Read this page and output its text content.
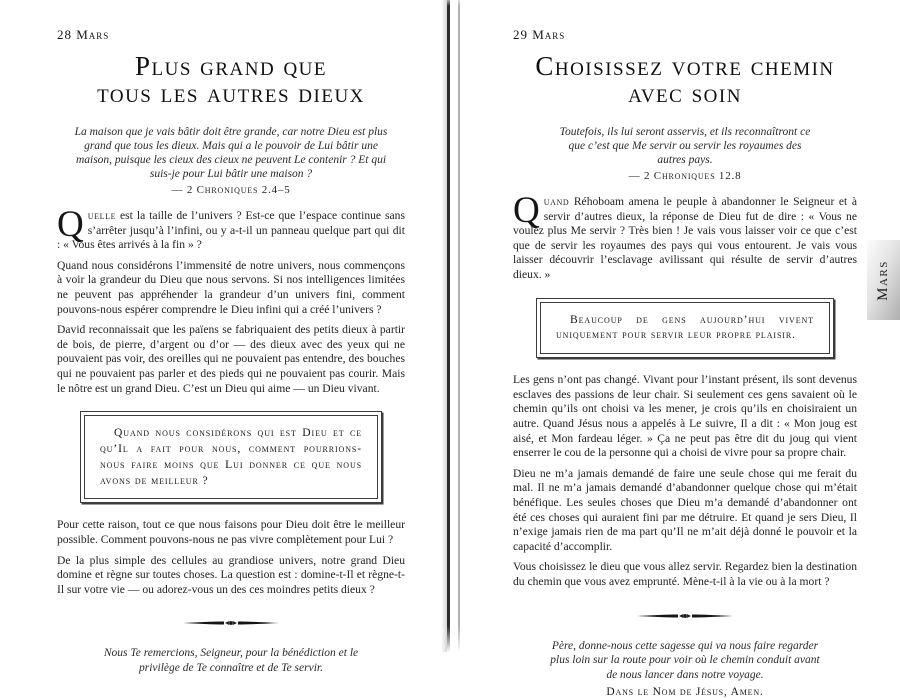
28 Mars
Plus grand que
tous les autres dieux
La maison que je vais bâtir doit être grande, car notre Dieu est plus grand que tous les dieux. Mais qui a le pouvoir de Lui bâtir une maison, puisque les cieux des cieux ne peuvent Le contenir ? Et qui suis-je pour Lui bâtir une maison ?
— 2 Chroniques 2.4–5

Quelle est la taille de l’univers ? Est-ce que l’espace continue sans s’arrêter jusqu’à l’infini, ou y a-t-il un panneau quelque part qui dit : « Vous êtes arrivés à la fin » ?

Quand nous considérons l’immensité de notre univers, nous commençons à voir la grandeur du Dieu que nous servons. Si nos intelligences limitées ne peuvent pas appréhender la grandeur d’un univers fini, comment pouvons-nous espérer comprendre le Dieu infini qui a créé l’univers ?

David reconnaissait que les païens se fabriquaient des petits dieux à partir de bois, de pierre, d’argent ou d’or — des dieux avec des yeux qui ne pouvaient pas voir, des oreilles qui ne pouvaient pas entendre, des bouches qui ne pouvaient pas parler et des pieds qui ne pouvaient pas courir. Mais le nôtre est un grand Dieu. C’est un Dieu qui aime — un Dieu vivant.

Quand nous considérons qui est Dieu et ce qu’Il a fait pour nous, comment pourrions-nous faire moins que Lui donner ce que nous avons de meilleur ?

Pour cette raison, tout ce que nous faisons pour Dieu doit être le meilleur possible. Comment pouvons-nous ne pas vivre complètement pour Lui ?

De la plus simple des cellules au grandiose univers, notre grand Dieu domine et règne sur toutes choses. La question est : domine-t-Il et règne-t-Il sur votre vie — ou adorez-vous un des ces moindres petits dieux ?

Nous Te remercions, Seigneur, pour la bénédiction et le privilège de Te connaître et de Te servir.
29 Mars
Choisissez votre chemin
avec soin
Toutefois, ils lui seront asservis, et ils reconnaîtront ce que c’est que Me servir ou servir les royaumes des autres pays.
— 2 Chroniques 12.8

Quand Réhoboam amena le peuple à abandonner le Seigneur et à servir d’autres dieux, la réponse de Dieu fut de dire : « Vous ne voulez plus Me servir ? Très bien ! Je vais vous laisser voir ce que c’est que de servir les royaumes des pays qui vous entourent. Je vais vous laisser découvrir l’esclavage avilissant qui résulte de servir d’autres dieux. »

Beaucoup de gens aujourd’hui vivent uniquement pour servir leur propre plaisir.

Les gens n’ont pas changé. Vivant pour l’instant présent, ils sont devenus esclaves des passions de leur chair. Si seulement ces gens savaient où le chemin qu’ils ont choisi va les mener, je crois qu’ils en choisiraient un autre. Quand Jésus nous a appelés à Le suivre, Il a dit : « Mon joug est aisé, et Mon fardeau léger. » Ça ne peut pas être dit du joug qui vient enserrer le cou de la personne qui a choisi de vivre pour sa propre chair.

Dieu ne m’a jamais demandé de faire une seule chose qui me ferait du mal. Il ne m’a jamais demandé d’abandonner quelque chose qui m’était bénéfique. Les seules choses que Dieu m’a demandé d’abandonner ont été ces choses qui auraient fini par me détruire. Et quand je sers Dieu, Il n’exige jamais rien de ma part qu’Il ne m’ait déjà donné le pouvoir et la capacité d’accomplir.

Vous choisissez le dieu que vous allez servir. Regardez bien la destination du chemin que vous avez emprunté. Mène-t-il à la vie ou à la mort ?

Père, donne-nous cette sagesse qui va nous faire regarder plus loin sur la route pour voir où le chemin conduit avant de nous lancer dans notre voyage.
Dans le Nom de Jésus, Amen.
Mars
